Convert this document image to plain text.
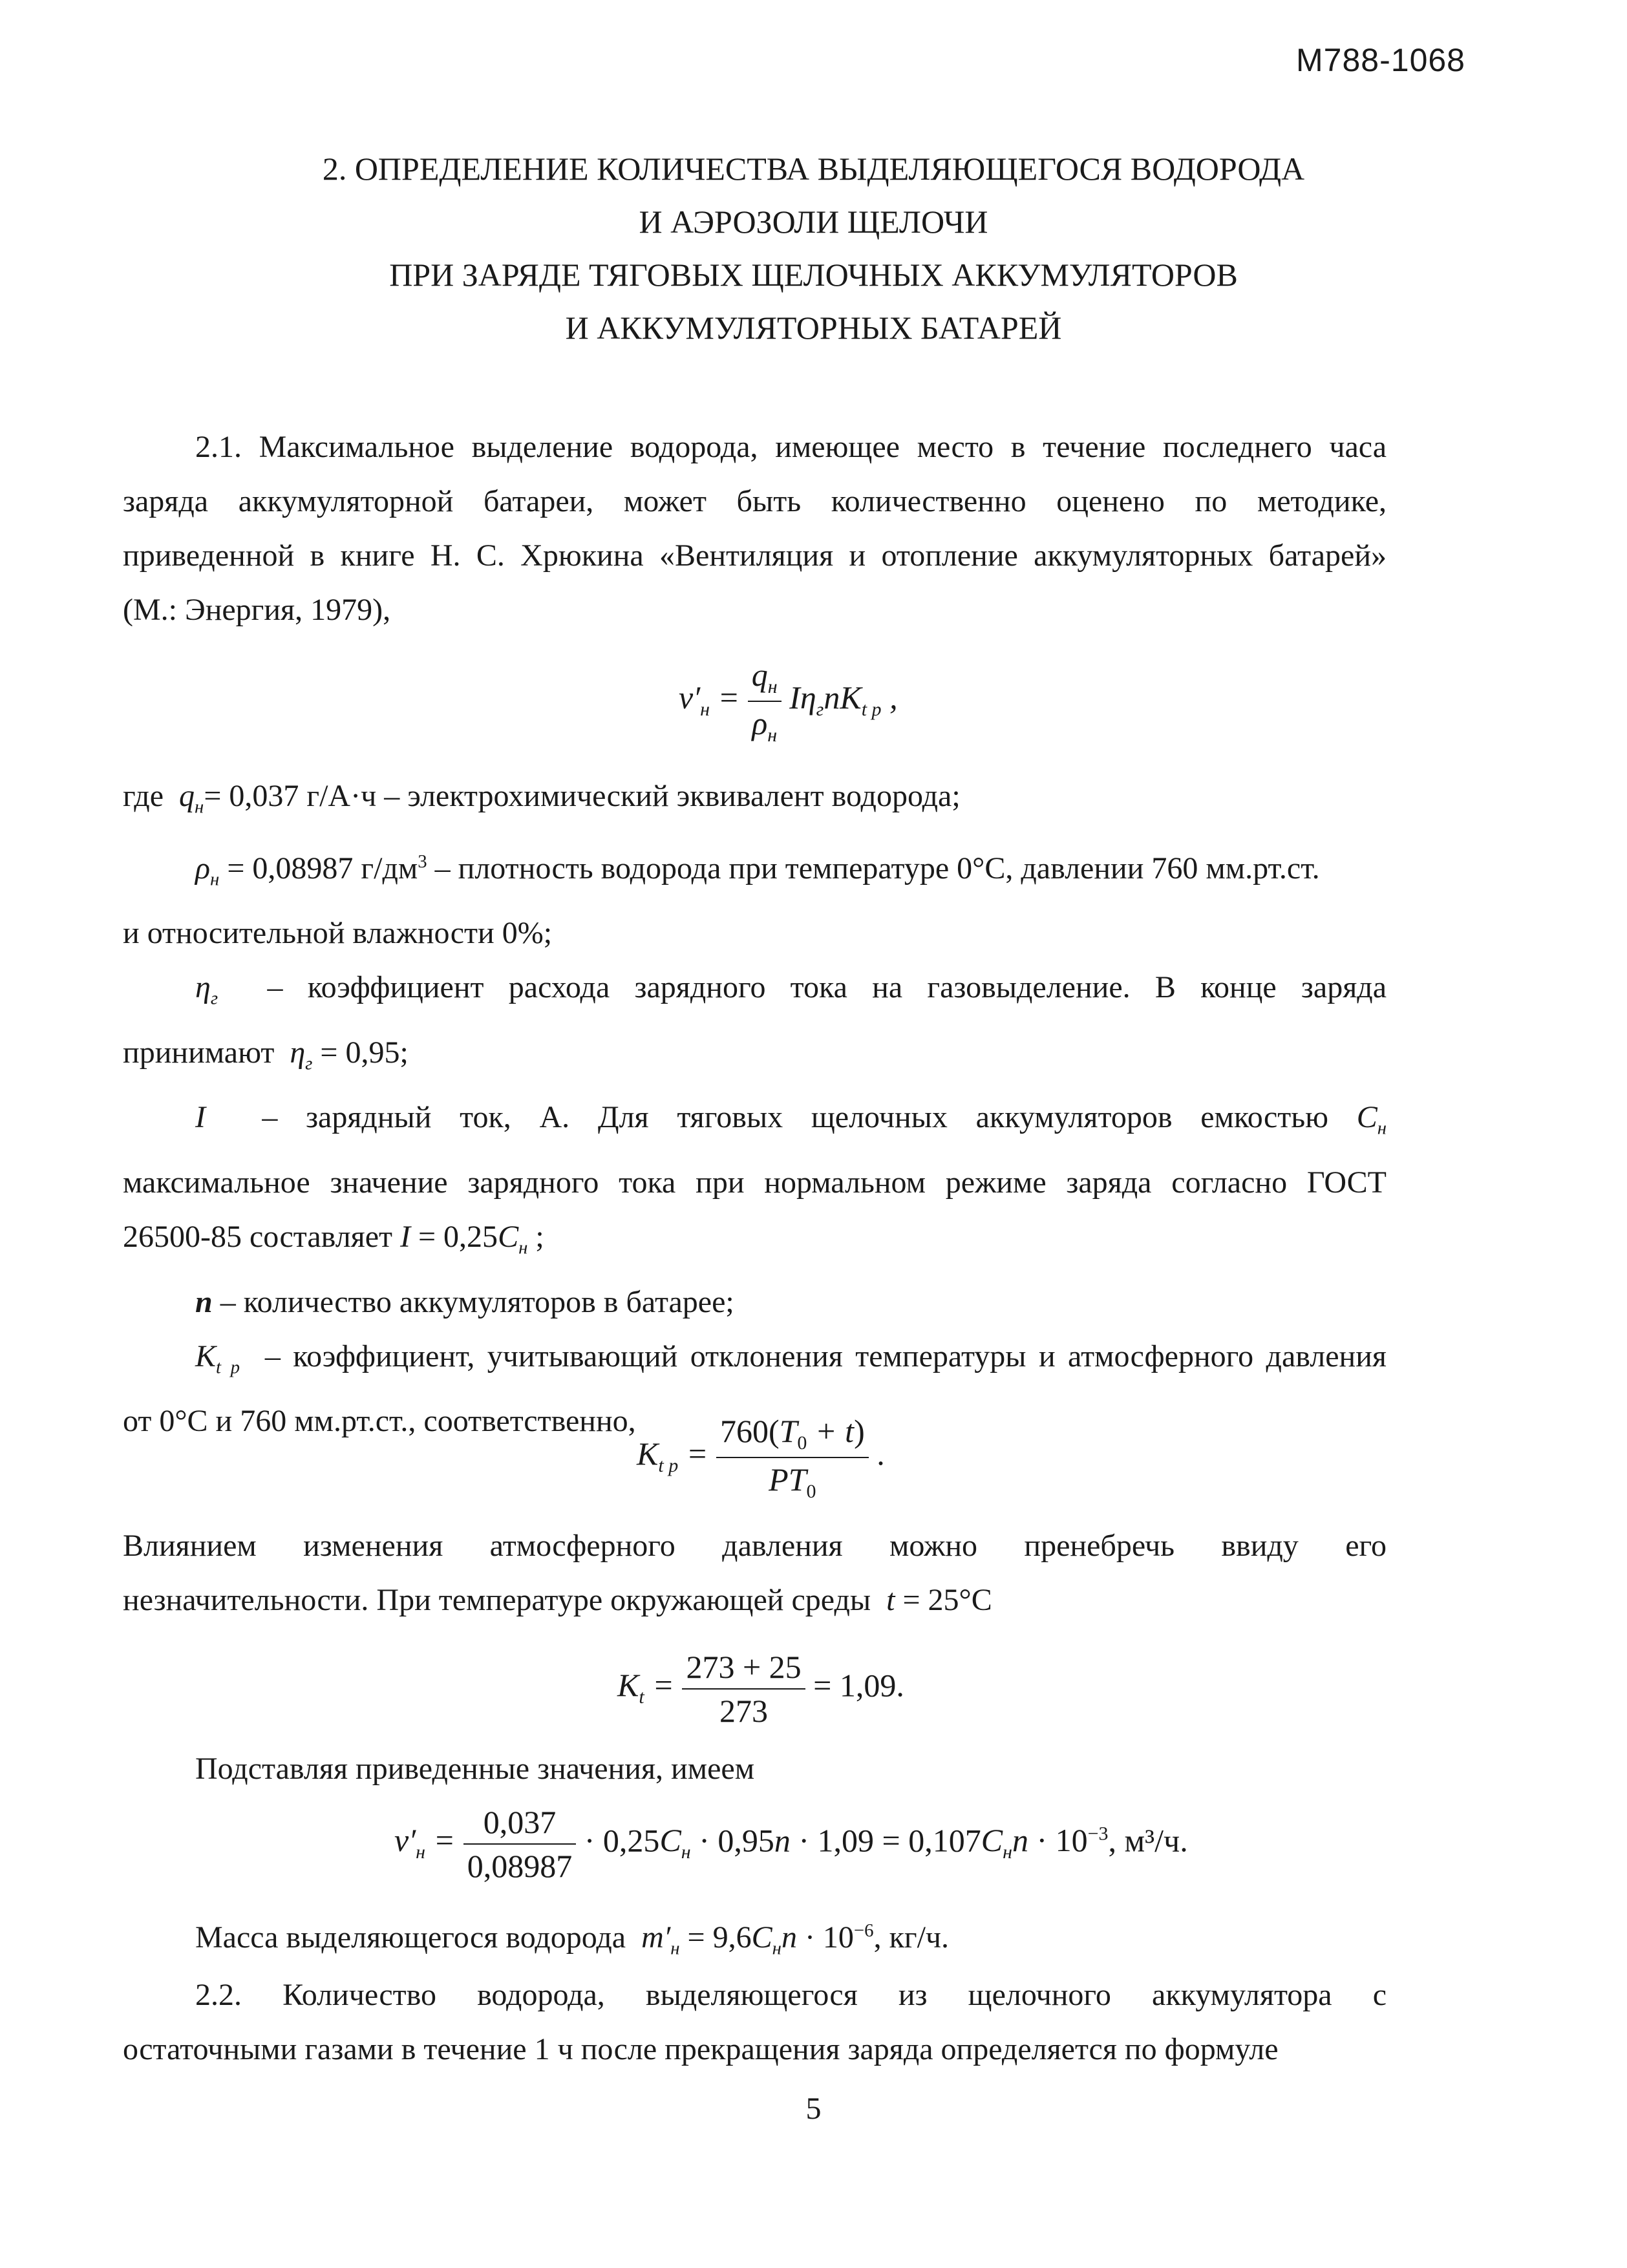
М788-1068
2. ОПРЕДЕЛЕНИЕ КОЛИЧЕСТВА ВЫДЕЛЯЮЩЕГОСЯ ВОДОРОДА
И АЭРОЗОЛИ ЩЕЛОЧИ
ПРИ ЗАРЯДЕ ТЯГОВЫХ ЩЕЛОЧНЫХ АККУМУЛЯТОРОВ
И АККУМУЛЯТОРНЫХ БАТАРЕЙ
2.1. Максимальное выделение водорода, имеющее место в течение последнего часа
заряда аккумуляторной батареи, может быть количественно оценено по методике,
приведенной в книге Н. С. Хрюкина «Вентиляция и отопление аккумуляторных батарей»
(М.: Энергия, 1979),
$v'_н = \frac{q_н}{\rho_н} I\eta_гnK_{t p}$ ,
где $q_н= 0,037$ г/А·ч – электрохимический эквивалент водорода;
$\rho_н = 0,08987$ $г/дм^3$ – плотность водорода при температуре 0°С, давлении 760 мм.рт.ст.
и относительной влажности 0%;
$\eta_г$ – коэффициент расхода зарядного тока на газовыделение. В конце заряда
принимают $\eta_г = 0,95$;
I – зарядный ток, А. Для тяговых щелочных аккумуляторов емкостью $C_н$
максимальное значение зарядного тока при нормальном режиме заряда согласно ГОСТ
26500-85 составляет $I = 0,25C_н$ ;
n – количество аккумуляторов в батарее;
$K_{t p}$ – коэффициент, учитывающий отклонения температуры и атмосферного давления
от 0°С и 760 мм.рт.ст., соответственно,
$K_{t p} = \frac{760(T_0 + t)}{PT_0}$ .
Влиянием изменения атмосферного давления можно пренебречь ввиду его
незначительности. При температуре окружающей среды t = 25°С
$K_t = \frac{273 + 25}{273} = 1,09$.
Подставляя приведенные значения, имеем
$v'_н = \frac{0,037}{0,08987} \cdot 0,25C_н \cdot 0,95n \cdot 1,09 = 0,107C_нn \cdot 10^{-3}$, м³/ч.
Масса выделяющегося водорода $m'_н = 9,6C_нn \cdot 10^{-6}$, кг/ч.
2.2. Количество водорода, выделяющегося из щелочного аккумулятора с
остаточными газами в течение 1 ч после прекращения заряда определяется по формуле
5
